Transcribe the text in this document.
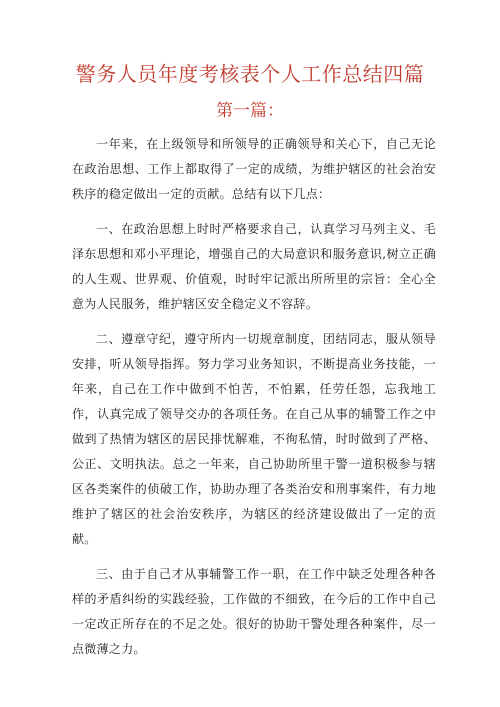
警务人员年度考核表个人工作总结四篇
第一篇：

一年来，在上级领导和所领导的正确领导和关心下，自己无论在政治思想、工作上都取得了一定的成绩，为维护辖区的社会治安秩序的稳定做出一定的贡献。总结有以下几点：

一、在政治思想上时时严格要求自己，认真学习马列主义、毛泽东思想和邓小平理论，增强自己的大局意识和服务意识,树立正确的人生观、世界观、价值观，时时牢记派出所所里的宗旨：全心全意为人民服务，维护辖区安全稳定义不容辞。

二、遵章守纪，遵守所内一切规章制度，团结同志，服从领导安排，听从领导指挥。努力学习业务知识，不断提高业务技能，一年来，自己在工作中做到不怕苦，不怕累，任劳任怨，忘我地工作，认真完成了领导交办的各项任务。在自己从事的辅警工作之中做到了热情为辖区的居民排忧解难，不徇私情，时时做到了严格、公正、文明执法。总之一年来，自己协助所里干警一道积极参与辖区各类案件的侦破工作，协助办理了各类治安和刑事案件，有力地维护了辖区的社会治安秩序，为辖区的经济建设做出了一定的贡献。

三、由于自己才从事辅警工作一职，在工作中缺乏处理各种各样的矛盾纠纷的实践经验，工作做的不细致，在今后的工作中自己一定改正所存在的不足之处。很好的协助干警处理各种案件，尽一点微薄之力。
